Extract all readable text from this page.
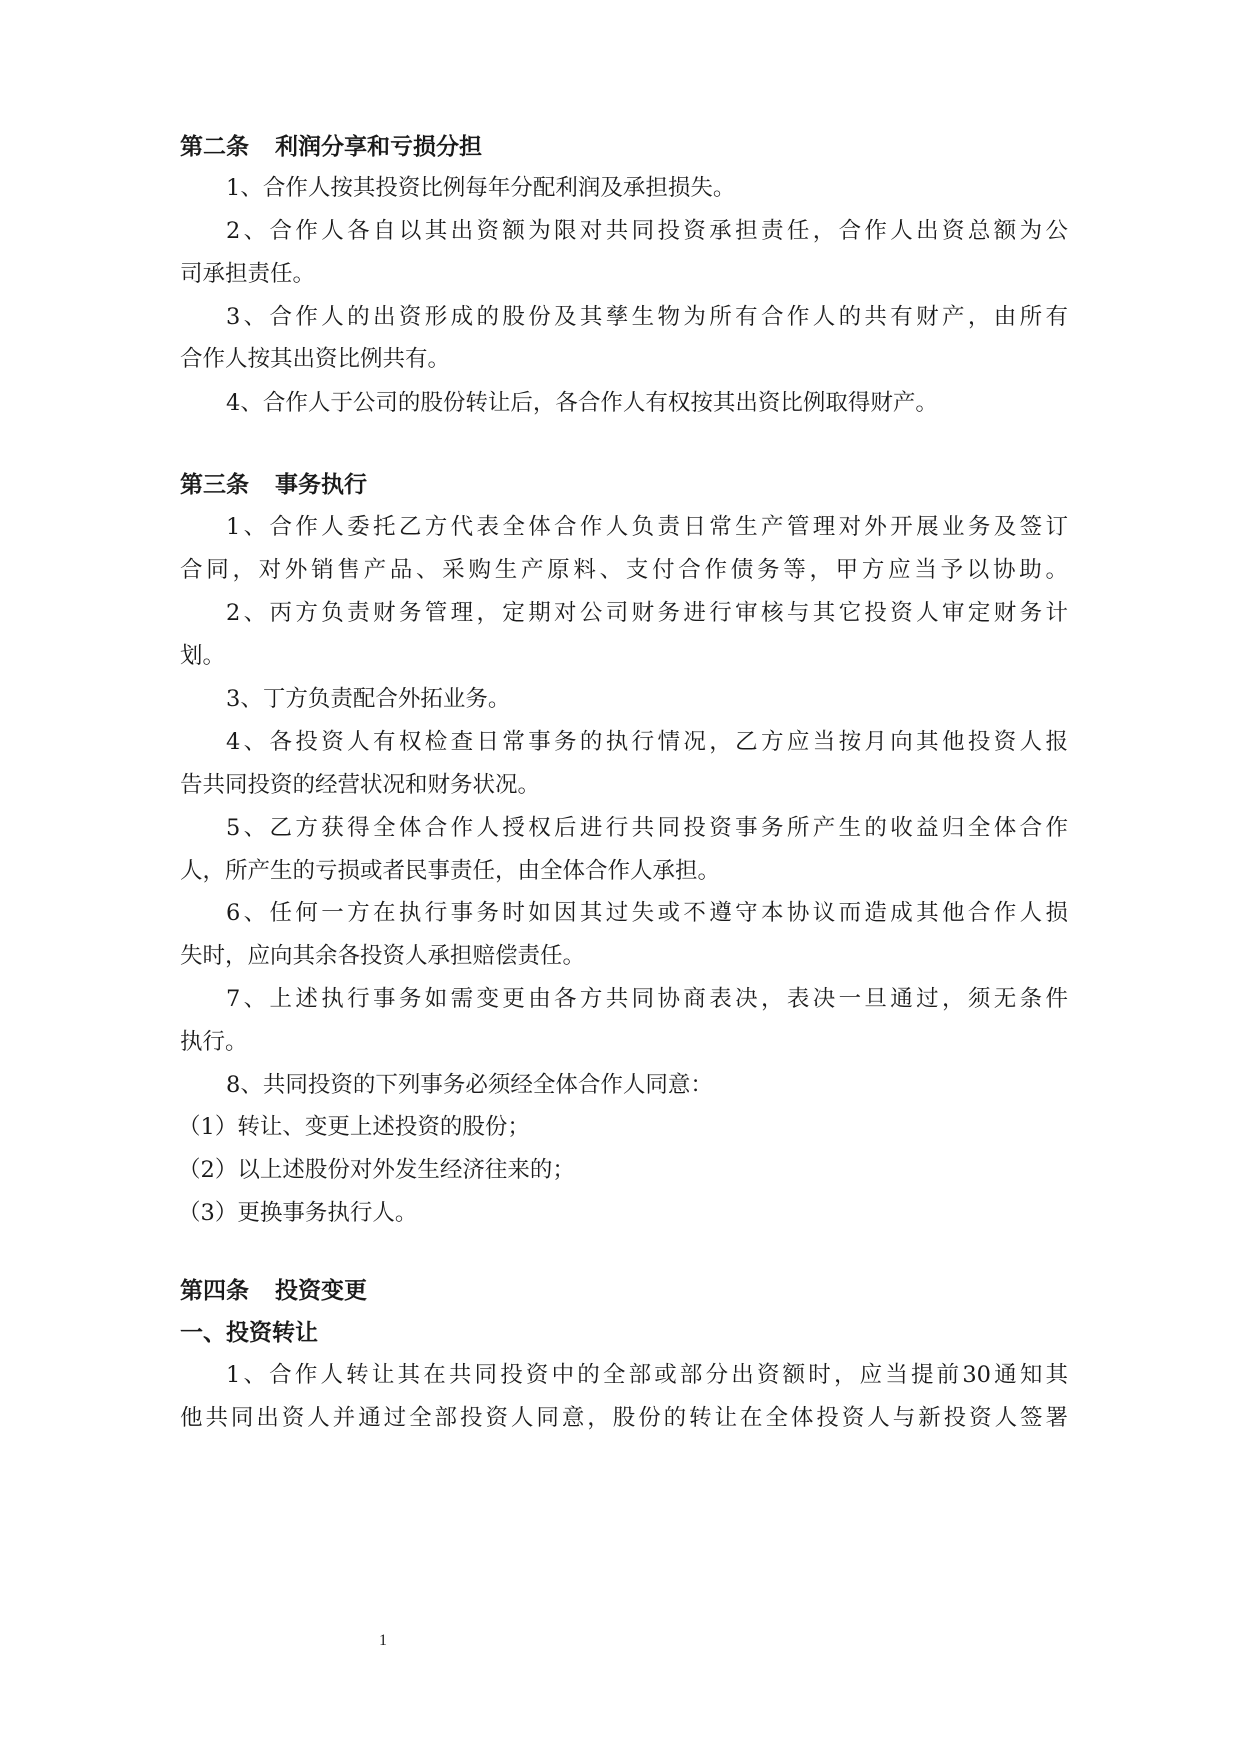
第二条 利润分享和亏损分担
1、合作人按其投资比例每年分配利润及承担损失。
2、合作人各自以其出资额为限对共同投资承担责任，合作人出资总额为公
司承担责任。
3、合作人的出资形成的股份及其孳生物为所有合作人的共有财产，由所有
合作人按其出资比例共有。
4、合作人于公司的股份转让后，各合作人有权按其出资比例取得财产。
第三条 事务执行
1、合作人委托乙方代表全体合作人负责日常生产管理对外开展业务及签订
合同，对外销售产品、采购生产原料、支付合作债务等，甲方应当予以协助。
2、丙方负责财务管理，定期对公司财务进行审核与其它投资人审定财务计
划。
3、丁方负责配合外拓业务。
4、各投资人有权检查日常事务的执行情况，乙方应当按月向其他投资人报
告共同投资的经营状况和财务状况。
5、乙方获得全体合作人授权后进行共同投资事务所产生的收益归全体合作
人，所产生的亏损或者民事责任，由全体合作人承担。
6、任何一方在执行事务时如因其过失或不遵守本协议而造成其他合作人损
失时，应向其余各投资人承担赔偿责任。
7、上述执行事务如需变更由各方共同协商表决，表决一旦通过，须无条件
执行。
8、共同投资的下列事务必须经全体合作人同意：
（1）转让、变更上述投资的股份；
（2）以上述股份对外发生经济往来的；
（3）更换事务执行人。
第四条 投资变更
一、投资转让
1、合作人转让其在共同投资中的全部或部分出资额时，应当提前30通知其
他共同出资人并通过全部投资人同意，股份的转让在全体投资人与新投资人签署
1
